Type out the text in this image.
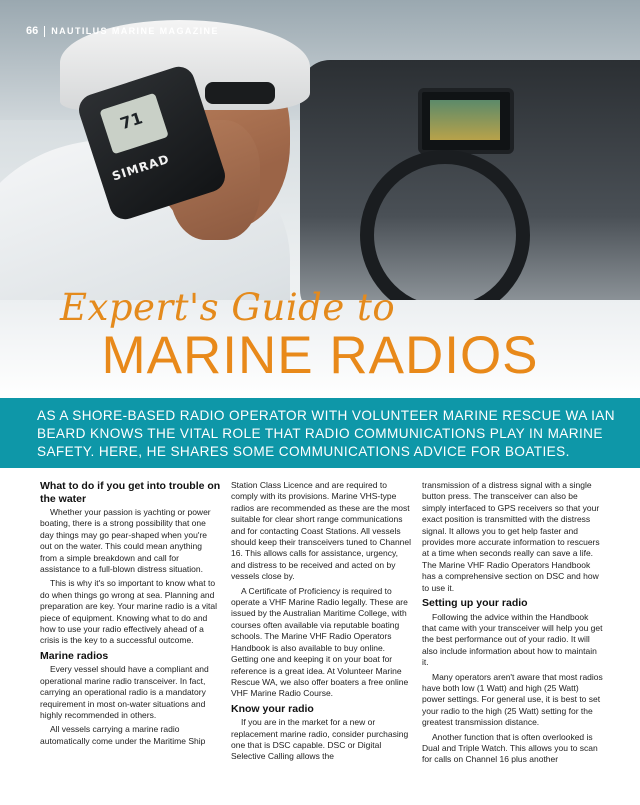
71
SIMRAD
66 NAUTILUS MARINE MAGAZINE
Expert's Guide to
MARINE RADIOS

AS A SHORE-BASED RADIO OPERATOR WITH VOLUNTEER MARINE RESCUE WA IAN BEARD KNOWS THE VITAL ROLE THAT RADIO COMMUNICATIONS PLAY IN MARINE SAFETY. HERE, HE SHARES SOME COMMUNICATIONS ADVICE FOR BOATIES.

What to do if you get into trouble on the water

Whether your passion is yachting or power boating, there is a strong possibility that one day things may go pear-shaped when you're out on the water. This could mean anything from a simple breakdown and call for assistance to a full-blown distress situation.

This is why it's so important to know what to do when things go wrong at sea. Planning and preparation are key. Your marine radio is a vital piece of equipment. Knowing what to do and how to use your radio effectively ahead of a crisis is the key to a successful outcome.

Marine radios

Every vessel should have a compliant and operational marine radio transceiver. In fact, carrying an operational radio is a mandatory requirement in most on-water situations and highly recommended in others.

All vessels carrying a marine radio automatically come under the Maritime Ship

Station Class Licence and are required to comply with its provisions. Marine VHS-type radios are recommended as these are the most suitable for clear short range communications and for contacting Coast Stations. All vessels should keep their transceivers tuned to Channel 16. This allows calls for assistance, urgency, and distress to be received and acted on by vessels close by.

A Certificate of Proficiency is required to operate a VHF Marine Radio legally. These are issued by the Australian Maritime College, with courses often available via reputable boating schools. The Marine VHF Radio Operators Handbook is also available to buy online. Getting one and keeping it on your boat for reference is a great idea. At Volunteer Marine Rescue WA, we also offer boaters a free online VHF Marine Radio Course.

Know your radio

If you are in the market for a new or replacement marine radio, consider purchasing one that is DSC capable. DSC or Digital Selective Calling allows the

transmission of a distress signal with a single button press. The transceiver can also be simply interfaced to GPS receivers so that your exact position is transmitted with the distress signal. It allows you to get help faster and provides more accurate information to rescuers at a time when seconds really can save a life. The Marine VHF Radio Operators Handbook has a comprehensive section on DSC and how to use it.

Setting up your radio

Following the advice within the Handbook that came with your transceiver will help you get the best performance out of your radio. It will also include information about how to maintain it.

Many operators aren't aware that most radios have both low (1 Watt) and high (25 Watt) power settings. For general use, it is best to set your radio to the high (25 Watt) setting for the greatest transmission distance.

Another function that is often overlooked is Dual and Triple Watch. This allows you to scan for calls on Channel 16 plus another
